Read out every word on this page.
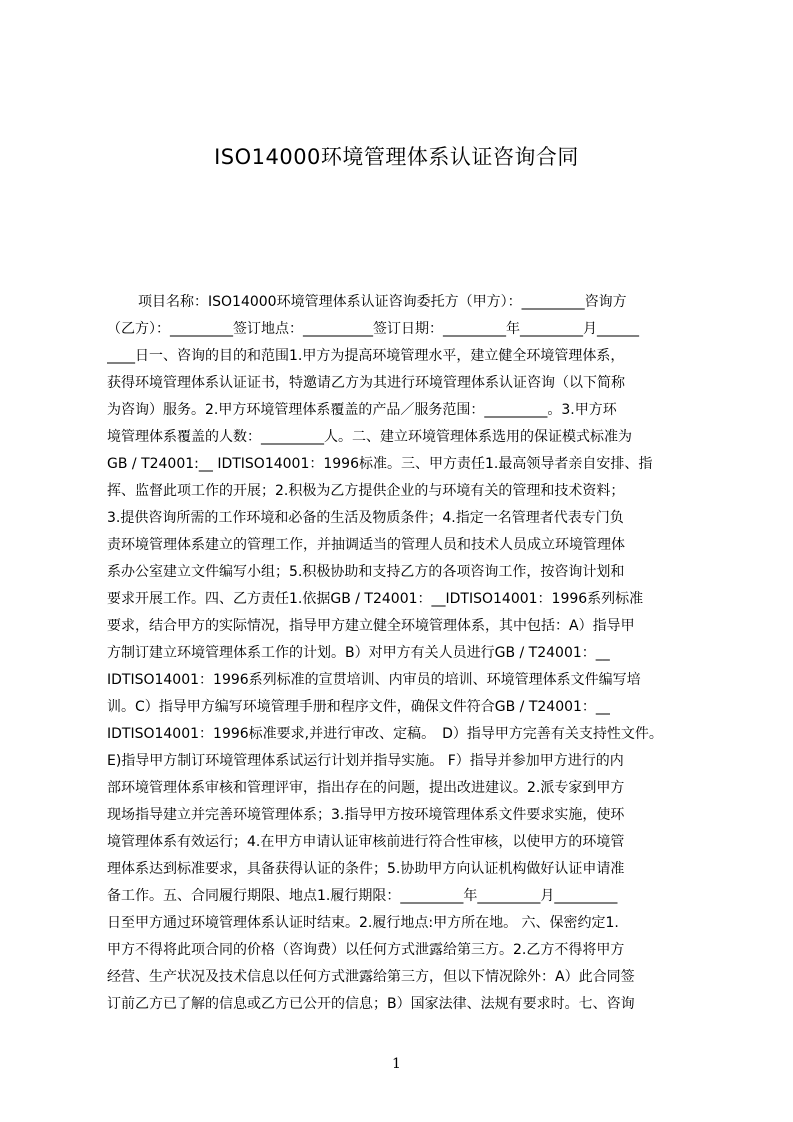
ISO14000环境管理体系认证咨询合同
项目名称：ISO14000环境管理体系认证咨询委托方（甲方）：_________咨询方
（乙方）：_________签订地点：__________签订日期：_________年_________月______
____日一、咨询的目的和范围1.甲方为提高环境管理水平，建立健全环境管理体系，
获得环境管理体系认证证书，特邀请乙方为其进行环境管理体系认证咨询（以下简称
为咨询）服务。2.甲方环境管理体系覆盖的产品／服务范围：_________。3.甲方环
境管理体系覆盖的人数：_________人。二、建立环境管理体系选用的保证模式标准为
GB / T24001:__ IDTISO14001：1996标准。三、甲方责任1.最高领导者亲自安排、指
挥、监督此项工作的开展；2.积极为乙方提供企业的与环境有关的管理和技术资料；
3.提供咨询所需的工作环境和必备的生活及物质条件；4.指定一名管理者代表专门负
责环境管理体系建立的管理工作，并抽调适当的管理人员和技术人员成立环境管理体
系办公室建立文件编写小组；5.积极协助和支持乙方的各项咨询工作，按咨询计划和
要求开展工作。四、乙方责任1.依据GB / T24001：__IDTISO14001：1996系列标准
要求，结合甲方的实际情况，指导甲方建立健全环境管理体系，其中包括：A）指导甲
方制订建立环境管理体系工作的计划。B）对甲方有关人员进行GB / T24001：__
IDTISO14001：1996系列标准的宣贯培训、内审员的培训、环境管理体系文件编写培
训。C）指导甲方编写环境管理手册和程序文件，确保文件符合GB / T24001：__
IDTISO14001：1996标准要求,并进行审改、定稿。　D）指导甲方完善有关支持性文件。
E)指导甲方制订环境管理体系试运行计划并指导实施。 F）指导并参加甲方进行的内
部环境管理体系审核和管理评审，指出存在的问题，提出改进建议。2.派专家到甲方
现场指导建立并完善环境管理体系；3.指导甲方按环境管理体系文件要求实施，使环
境管理体系有效运行；4.在甲方申请认证审核前进行符合性审核，以使甲方的环境管
理体系达到标准要求，具备获得认证的条件；5.协助甲方向认证机构做好认证申请准
备工作。五、合同履行期限、地点1.履行期限：_________年_________月_________
日至甲方通过环境管理体系认证时结束。2.履行地点:甲方所在地。 六、保密约定1.
甲方不得将此项合同的价格（咨询费）以任何方式泄露给第三方。2.乙方不得将甲方
经营、生产状况及技术信息以任何方式泄露给第三方，但以下情况除外：A）此合同签
订前乙方已了解的信息或乙方已公开的信息；B）国家法律、法规有要求时。七、咨询
1
